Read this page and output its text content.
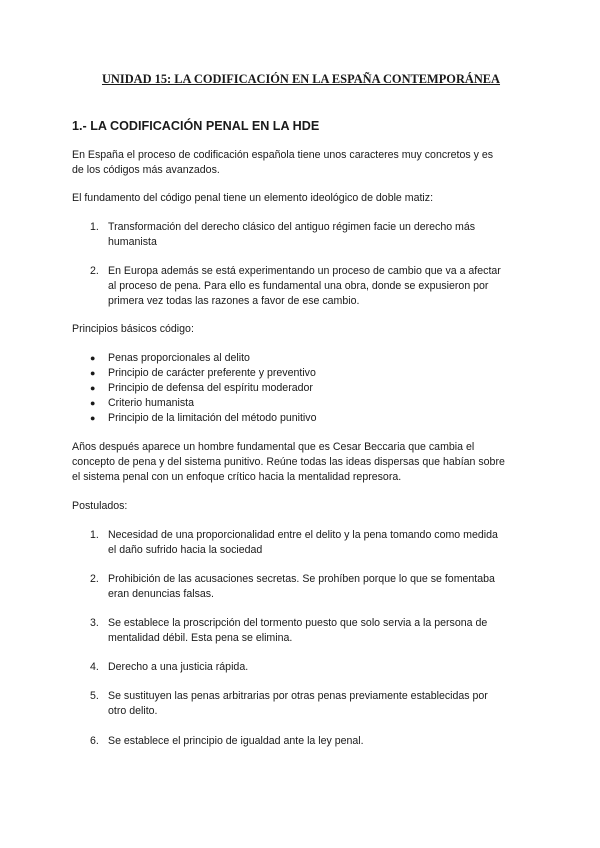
UNIDAD 15: LA CODIFICACIÓN EN LA ESPAÑA CONTEMPORÁNEA
1.- LA CODIFICACIÓN PENAL EN LA HDE
En España el proceso de codificación española tiene unos caracteres muy concretos y es
de los códigos más avanzados.
El fundamento del código penal tiene un elemento ideológico de doble matiz:
1. Transformación del derecho clásico del antiguo régimen facie un derecho más
humanista
2. En Europa además se está experimentando un proceso de cambio que va a afectar
al proceso de pena. Para ello es fundamental una obra, donde se expusieron por
primera vez todas las razones a favor de ese cambio.
Principios básicos código:
● Penas proporcionales al delito
● Principio de carácter preferente y preventivo
● Principio de defensa del espíritu moderador
● Criterio humanista
● Principio de la limitación del método punitivo
Años después aparece un hombre fundamental que es Cesar Beccaria que cambia el
concepto de pena y del sistema punitivo. Reúne todas las ideas dispersas que habían sobre
el sistema penal con un enfoque crítico hacia la mentalidad represora.
Postulados:
1. Necesidad de una proporcionalidad entre el delito y la pena tomando como medida
el daño sufrido hacia la sociedad
2. Prohibición de las acusaciones secretas. Se prohíben porque lo que se fomentaba
eran denuncias falsas.
3. Se establece la proscripción del tormento puesto que solo servia a la persona de
mentalidad débil. Esta pena se elimina.
4. Derecho a una justicia rápida.
5. Se sustituyen las penas arbitrarias por otras penas previamente establecidas por
otro delito.
6. Se establece el principio de igualdad ante la ley penal.
